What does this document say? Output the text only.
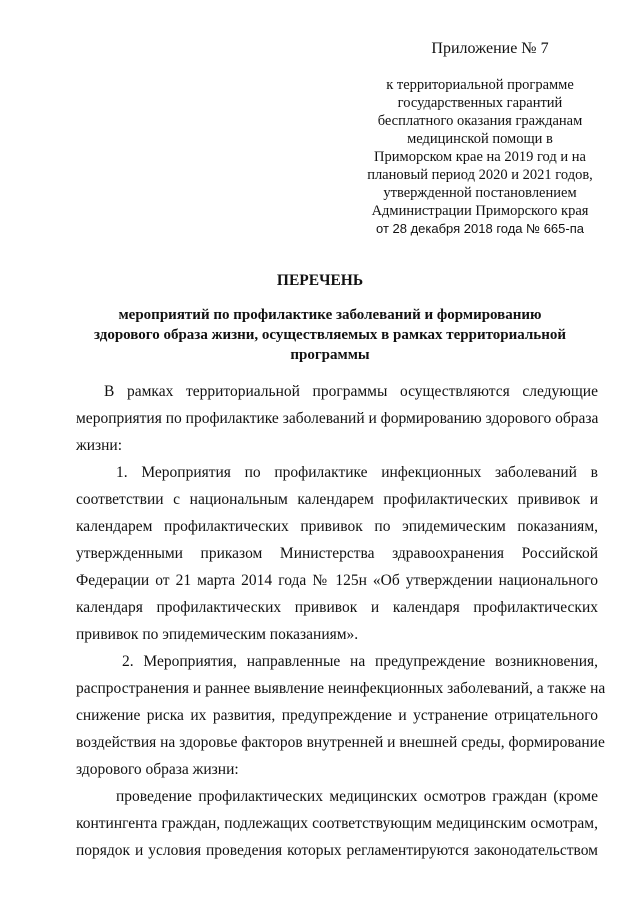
Приложение № 7
к территориальной программе
государственных гарантий
бесплатного оказания гражданам
медицинской помощи в
Приморском крае на 2019 год и на
плановый период 2020 и 2021 годов,
утвержденной постановлением
Администрации Приморского края
от 28 декабря 2018 года № 665-па
ПЕРЕЧЕНЬ
мероприятий по профилактике заболеваний и формированию
здорового образа жизни, осуществляемых в рамках территориальной
программы
В рамках территориальной программы осуществляются следующие
мероприятия по профилактике заболеваний и формированию здорового образа
жизни:
1. Мероприятия по профилактике инфекционных заболеваний в
соответствии с национальным календарем профилактических прививок и
календарем профилактических прививок по эпидемическим показаниям,
утвержденными приказом Министерства здравоохранения Российской
Федерации от 21 марта 2014 года № 125н «Об утверждении национального
календаря профилактических прививок и календаря профилактических
прививок по эпидемическим показаниям».
2. Мероприятия, направленные на предупреждение возникновения,
распространения и раннее выявление неинфекционных заболеваний, а также на
снижение риска их развития, предупреждение и устранение отрицательного
воздействия на здоровье факторов внутренней и внешней среды, формирование
здорового образа жизни:
проведение профилактических медицинских осмотров граждан (кроме
контингента граждан, подлежащих соответствующим медицинским осмотрам,
порядок и условия проведения которых регламентируются законодательством
